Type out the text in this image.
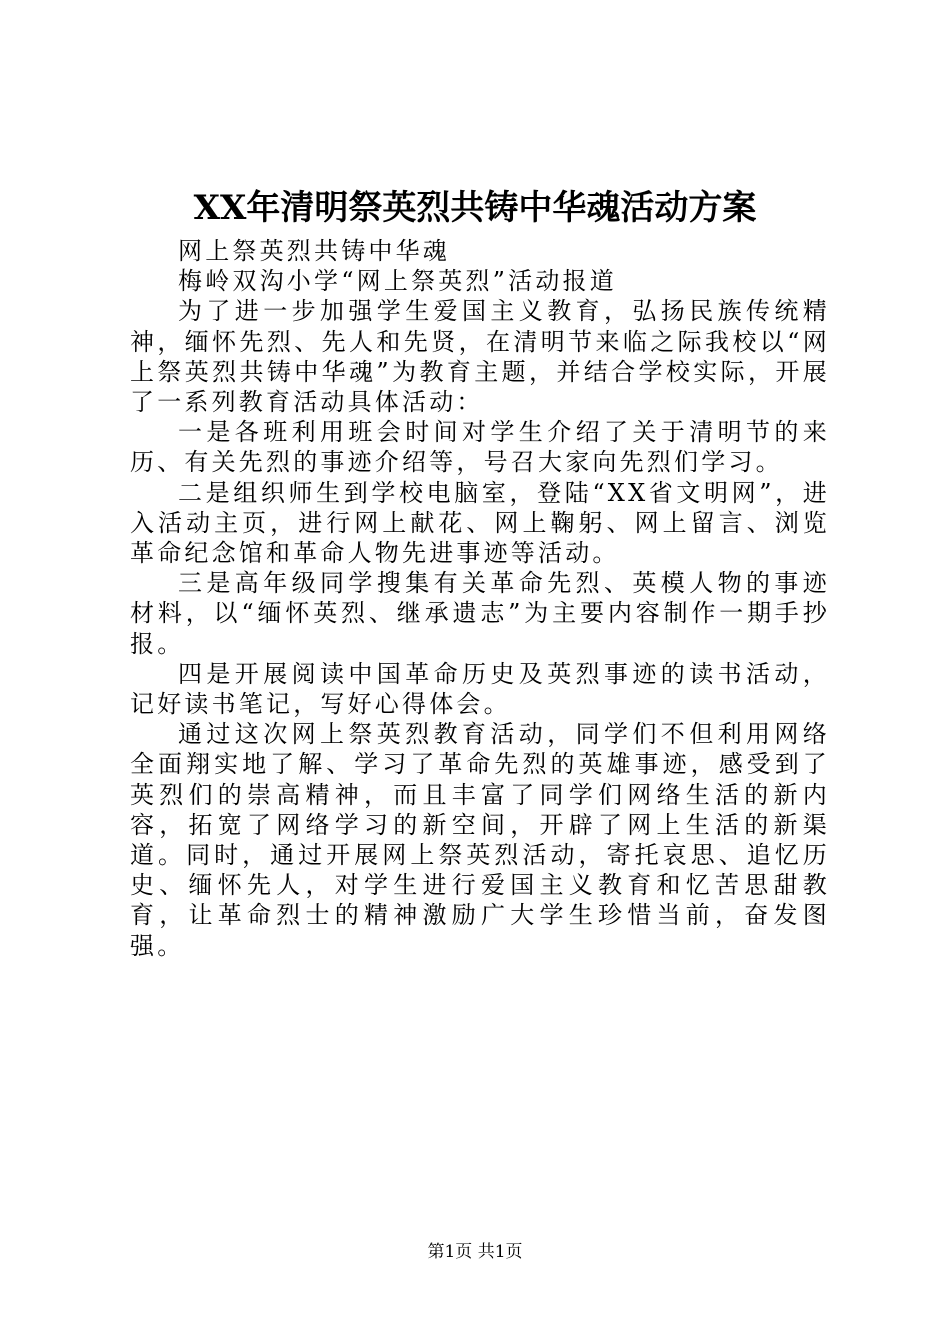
XX年清明祭英烈共铸中华魂活动方案

网上祭英烈共铸中华魂

梅岭双沟小学“网上祭英烈”活动报道

为了进一步加强学生爱国主义教育，弘扬民族传统精神，缅怀先烈、先人和先贤，在清明节来临之际我校以“网上祭英烈共铸中华魂”为教育主题，并结合学校实际，开展了一系列教育活动具体活动：

一是各班利用班会时间对学生介绍了关于清明节的来历、有关先烈的事迹介绍等，号召大家向先烈们学习。

二是组织师生到学校电脑室，登陆“XX省文明网”，进入活动主页，进行网上献花、网上鞠躬、网上留言、浏览革命纪念馆和革命人物先进事迹等活动。

三是高年级同学搜集有关革命先烈、英模人物的事迹材料，以“缅怀英烈、继承遗志”为主要内容制作一期手抄报。

四是开展阅读中国革命历史及英烈事迹的读书活动，记好读书笔记，写好心得体会。

通过这次网上祭英烈教育活动，同学们不但利用网络全面翔实地了解、学习了革命先烈的英雄事迹，感受到了英烈们的崇高精神，而且丰富了同学们网络生活的新内容，拓宽了网络学习的新空间，开辟了网上生活的新渠道。同时，通过开展网上祭英烈活动，寄托哀思、追忆历史、缅怀先人，对学生进行爱国主义教育和忆苦思甜教育，让革命烈士的精神激励广大学生珍惜当前，奋发图强。

第1页 共1页
